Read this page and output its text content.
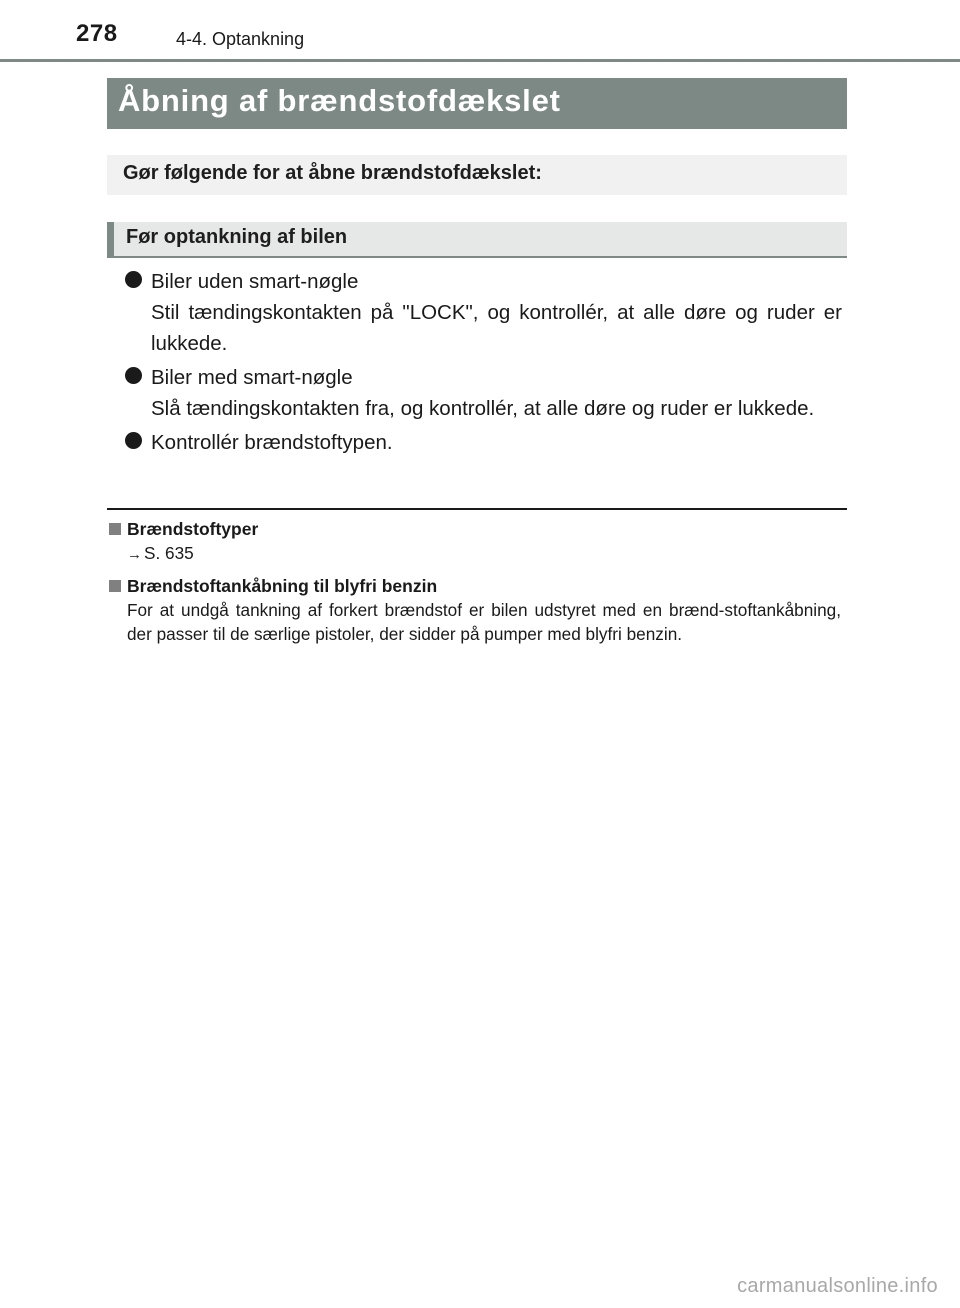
278	4-4. Optankning
Åbning af brændstofdækslet
Gør følgende for at åbne brændstofdækslet:
Før optankning af bilen
Biler uden smart-nøgle
Stil tændingskontakten på "LOCK", og kontrollér, at alle døre og ruder er lukkede.
Biler med smart-nøgle
Slå tændingskontakten fra, og kontrollér, at alle døre og ruder er lukkede.
Kontrollér brændstoftypen.
Brændstoftyper
→ S. 635
Brændstoftankåbning til blyfri benzin
For at undgå tankning af forkert brændstof er bilen udstyret med en brænd-stoftankåbning, der passer til de særlige pistoler, der sidder på pumper med blyfri benzin.
carmanualsonline.info
